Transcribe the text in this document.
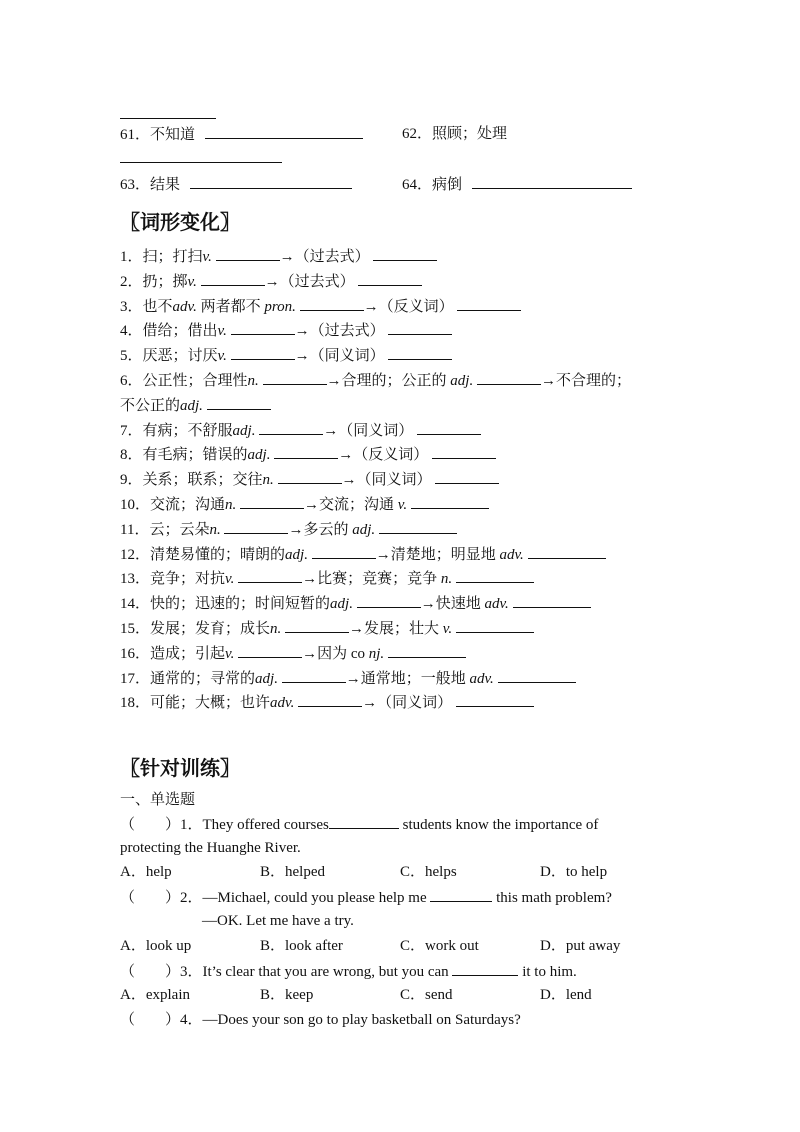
61．不知道	62．照顾；处理
63．结果	64．病倒
〖词形变化〗
1．扫；打扫v.	→（过去式）
2．扔；掷v.	→（过去式）
3．也不adv. 两者都不 pron.	→（反义词）
4．借给；借出v.	→（过去式）
5．厌恶；讨厌v.	→（同义词）
6．公正性；合理性n.	→合理的；公正的 adj.	→不合理的；
不公正的adj.
7．有病；不舒服adj.	→（同义词）
8．有毛病；错误的adj.	→（反义词）
9．关系；联系；交往n.	→（同义词）
10．交流；沟通n.	→交流；沟通 v.
11．云；云朵n.	→多云的 adj.
12．清楚易懂的；晴朗的adj.	→清楚地；明显地 adv.
13．竞争；对抗v.	→比赛；竞赛；竞争 n.
14．快的；迅速的；时间短暂的adj.	→快速地 adv.
15．发展；发育；成长n.	→发展；壮大 v.
16．造成；引起v.	→因为 co nj.
17．通常的；寻常的adj.	→通常地；一般地 adv.
18．可能；大概；也许adv.	→（同义词）
〖针对训练〗
一、单选题
（　　）1．They offered courses	students know the importance of
protecting the Huanghe River.
A．help	B．helped	C．helps	D．to help
（　　）2．—Michael, could you please help me	this math problem?
—OK. Let me have a try.
A．look up	B．look after	C．work out	D．put away
（　　）3．It’s clear that you are wrong, but you can	it to him.
A．explain	B．keep	C．send	D．lend
（　　）4．—Does your son go to play basketball on Saturdays?
